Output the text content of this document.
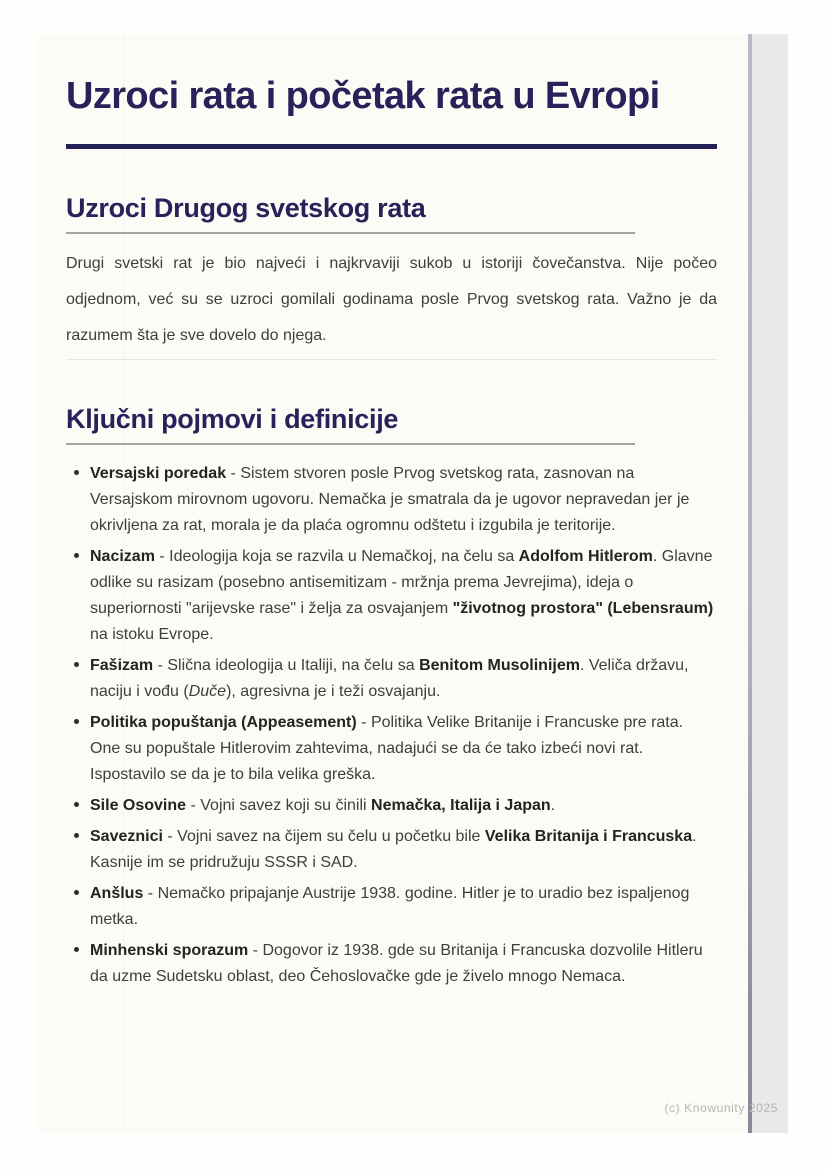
Uzroci rata i početak rata u Evropi
Uzroci Drugog svetskog rata

Drugi svetski rat je bio najveći i najkrvaviji sukob u istoriji čovečanstva. Nije počeo odjednom, već su se uzroci gomilali godinama posle Prvog svetskog rata. Važno je da razumem šta je sve dovelo do njega.

Ključni pojmovi i definicije
Versajski poredak - Sistem stvoren posle Prvog svetskog rata, zasnovan na Versajskom mirovnom ugovoru. Nemačka je smatrala da je ugovor nepravedan jer je okrivljena za rat, morala je da plaća ogromnu odštetu i izgubila je teritorije.
Nacizam - Ideologija koja se razvila u Nemačkoj, na čelu sa Adolfom Hitlerom. Glavne odlike su rasizam (posebno antisemitizam - mržnja prema Jevrejima), ideja o superiornosti "arijevske rase" i želja za osvajanjem "životnog prostora" (Lebensraum) na istoku Evrope.
Fašizam - Slična ideologija u Italiji, na čelu sa Benitom Musolinijem. Veliča državu, naciju i vođu (Duče), agresivna je i teži osvajanju.
Politika popuštanja (Appeasement) - Politika Velike Britanije i Francuske pre rata. One su popuštale Hitlerovim zahtevima, nadajući se da će tako izbeći novi rat. Ispostavilo se da je to bila velika greška.
Sile Osovine - Vojni savez koji su činili Nemačka, Italija i Japan.
Saveznici - Vojni savez na čijem su čelu u početku bile Velika Britanija i Francuska. Kasnije im se pridružuju SSSR i SAD.
Anšlus - Nemačko pripajanje Austrije 1938. godine. Hitler je to uradio bez ispaljenog metka.
Minhenski sporazum - Dogovor iz 1938. gde su Britanija i Francuska dozvolile Hitleru da uzme Sudetsku oblast, deo Čehoslovačke gde je živelo mnogo Nemaca.
(c) Knowunity 2025
